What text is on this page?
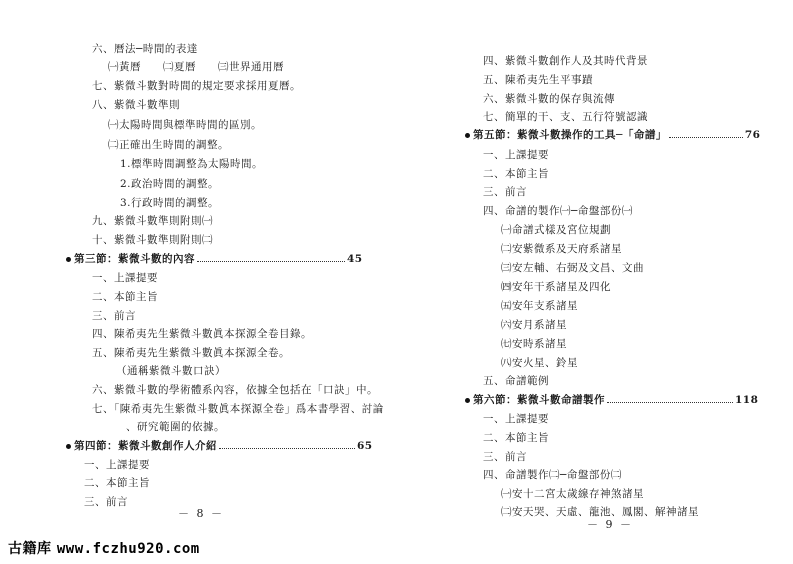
六、曆法─時間的表達
㈠黃曆　　㈡夏曆　　㈢世界通用曆
七、紫微斗數對時間的規定要求採用夏曆。
八、紫微斗數準則
㈠太陽時間與標準時間的區別。
㈡正確出生時間的調整。
1.標準時間調整為太陽時間。
2.政治時間的調整。
3.行政時間的調整。
九、紫微斗數準則附則㈠
十、紫微斗數準則附則㈡
第三節：紫微斗數的內容	45
一、上課提要
二、本節主旨
三、前言
四、陳希夷先生紫微斗數眞本探源全卷目錄。
五、陳希夷先生紫微斗數眞本探源全卷。
（通稱紫微斗數口訣）
六、紫微斗數的學術體系內容，依據全包括在「口訣」中。
七、「陳希夷先生紫微斗數眞本探源全卷」爲本書學習、討論
、研究範圍的依據。
第四節：紫微斗數創作人介紹	65
一、上課提要
二、本節主旨
三、前言
－ 8 －
四、紫微斗數創作人及其時代背景
五、陳希夷先生平事蹟
六、紫微斗數的保存與流傳
七、簡單的干、支、五行符號認識
第五節：紫微斗數操作的工具─「命譜」	76
一、上課提要
二、本節主旨
三、前言
四、命譜的製作㈠─命盤部份㈠
㈠命譜式樣及宮位規劃
㈡安紫微系及天府系諸星
㈢安左輔、右弼及文昌、文曲
㈣安年干系諸星及四化
㈤安年支系諸星
㈥安月系諸星
㈦安時系諸星
㈧安火星、鈴星
五、命譜範例
第六節：紫微斗數命譜製作	118
一、上課提要
二、本節主旨
三、前言
四、命譜製作㈡─命盤部份㈡
㈠安十二宮太歲線存神煞諸星
㈡安天哭、天虛、龍池、鳳閣、解神諸星
－ 9 －
古籍库 www.fczhu920.com
